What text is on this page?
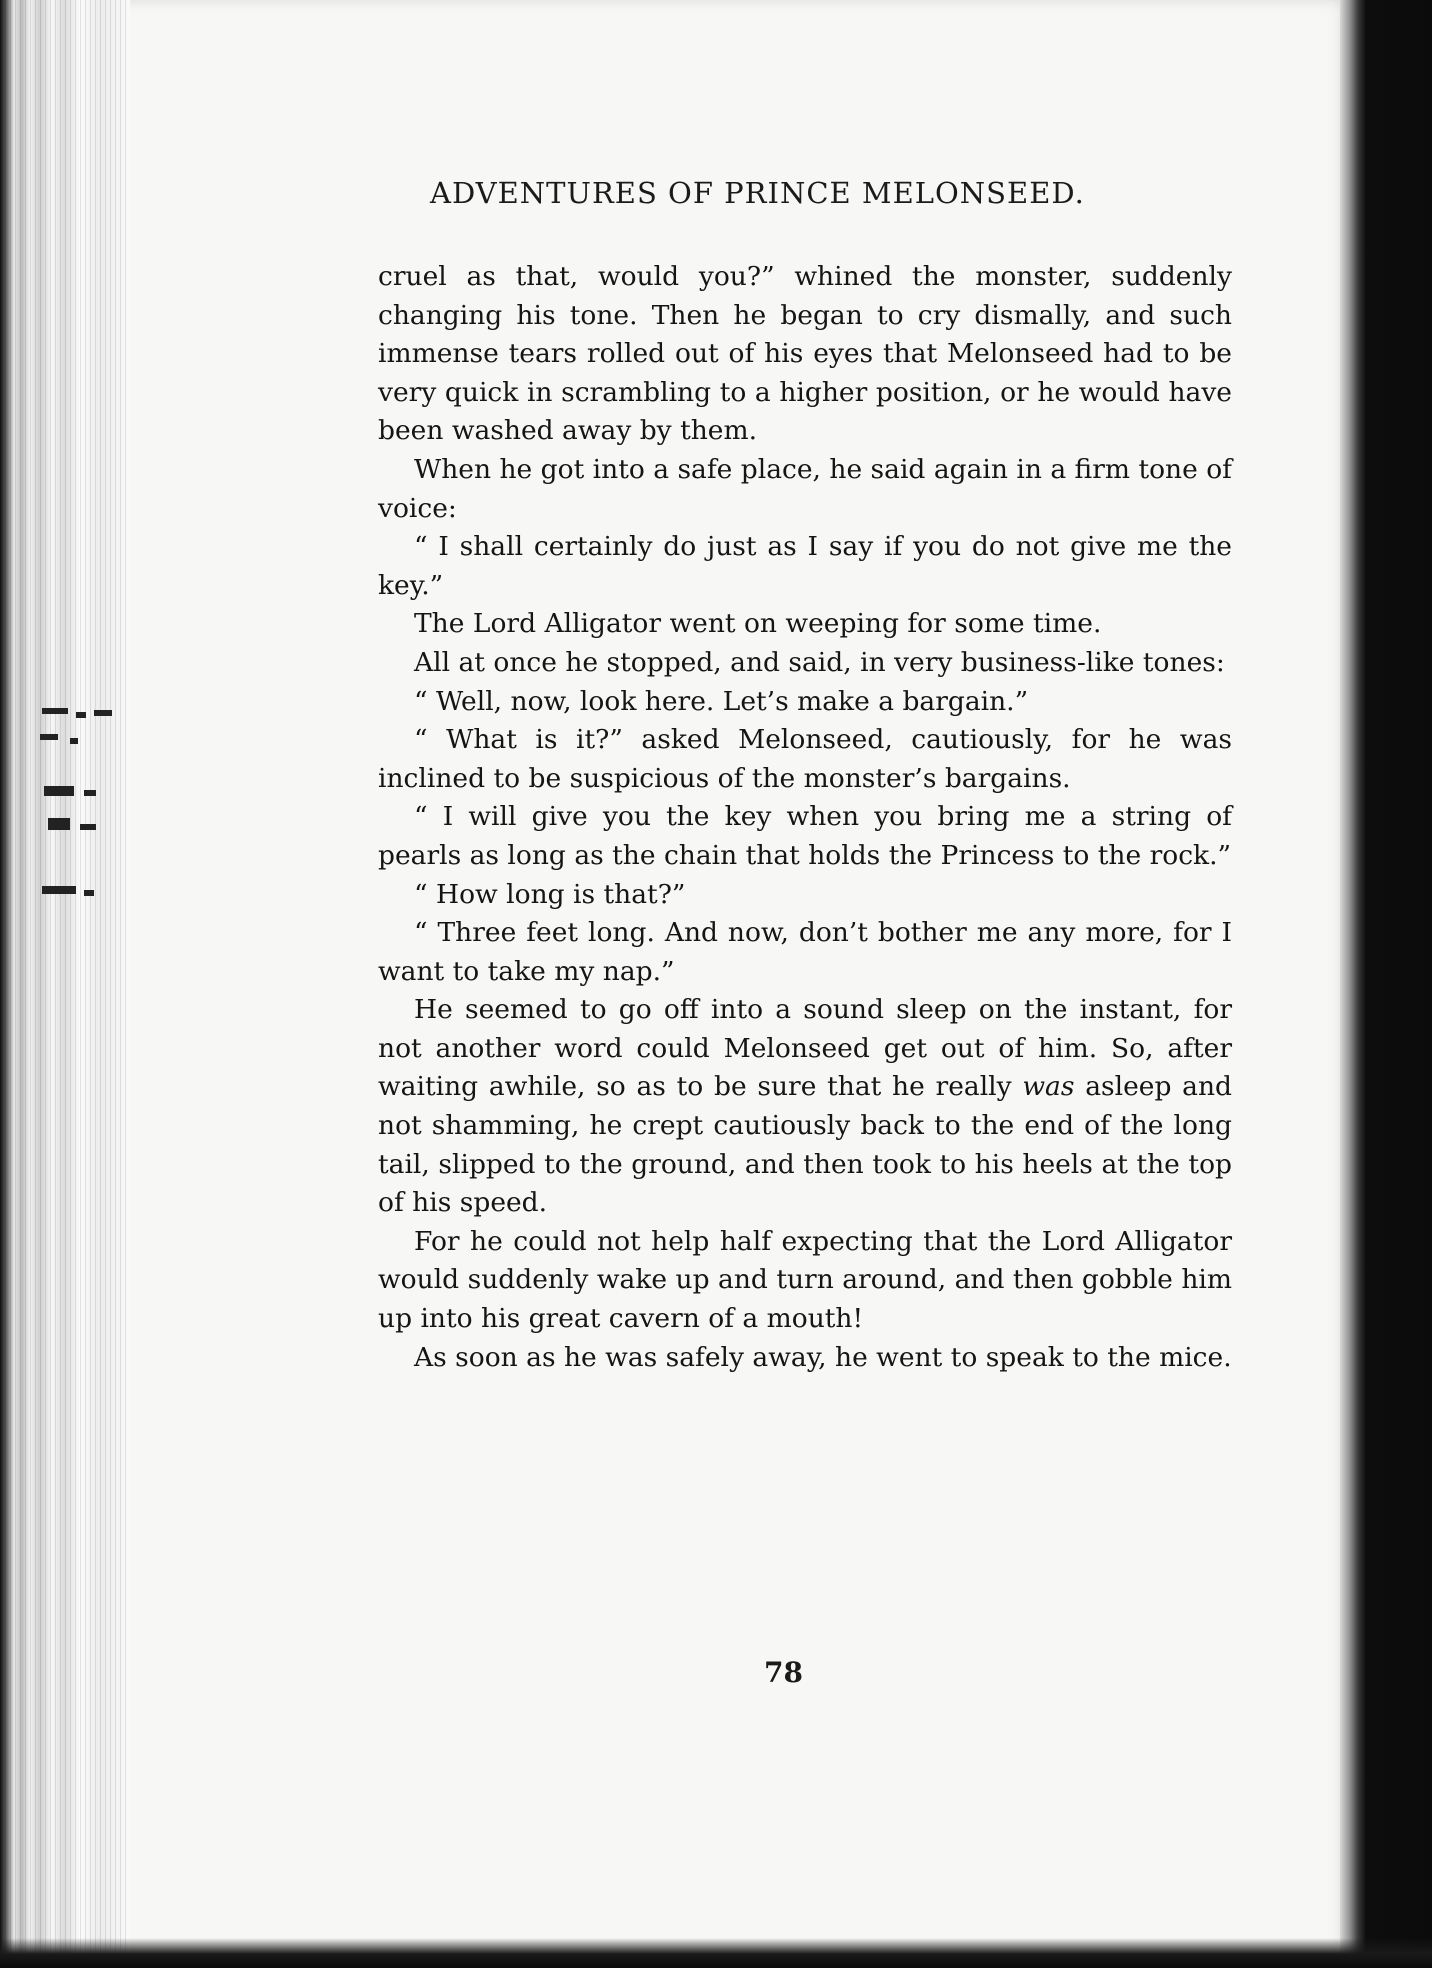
ADVENTURES OF PRINCE MELONSEED.

cruel as that, would you?” whined the monster, suddenly changing his tone. Then he began to cry dismally, and such immense tears rolled out of his eyes that Melonseed had to be very quick in scrambling to a higher position, or he would have been washed away by them.

When he got into a safe place, he said again in a firm tone of voice:

“ I shall certainly do just as I say if you do not give me the key.”

The Lord Alligator went on weeping for some time.

All at once he stopped, and said, in very business-like tones:

“ Well, now, look here. Let’s make a bargain.”

“ What is it?” asked Melonseed, cautiously, for he was inclined to be suspicious of the monster’s bargains.

“ I will give you the key when you bring me a string of pearls as long as the chain that holds the Princess to the rock.”

“ How long is that?”

“ Three feet long. And now, don’t bother me any more, for I want to take my nap.”

He seemed to go off into a sound sleep on the instant, for not another word could Melonseed get out of him. So, after waiting awhile, so as to be sure that he really was asleep and not shamming, he crept cautiously back to the end of the long tail, slipped to the ground, and then took to his heels at the top of his speed.

For he could not help half expecting that the Lord Alligator would suddenly wake up and turn around, and then gobble him up into his great cavern of a mouth!

As soon as he was safely away, he went to speak to the mice.

78
